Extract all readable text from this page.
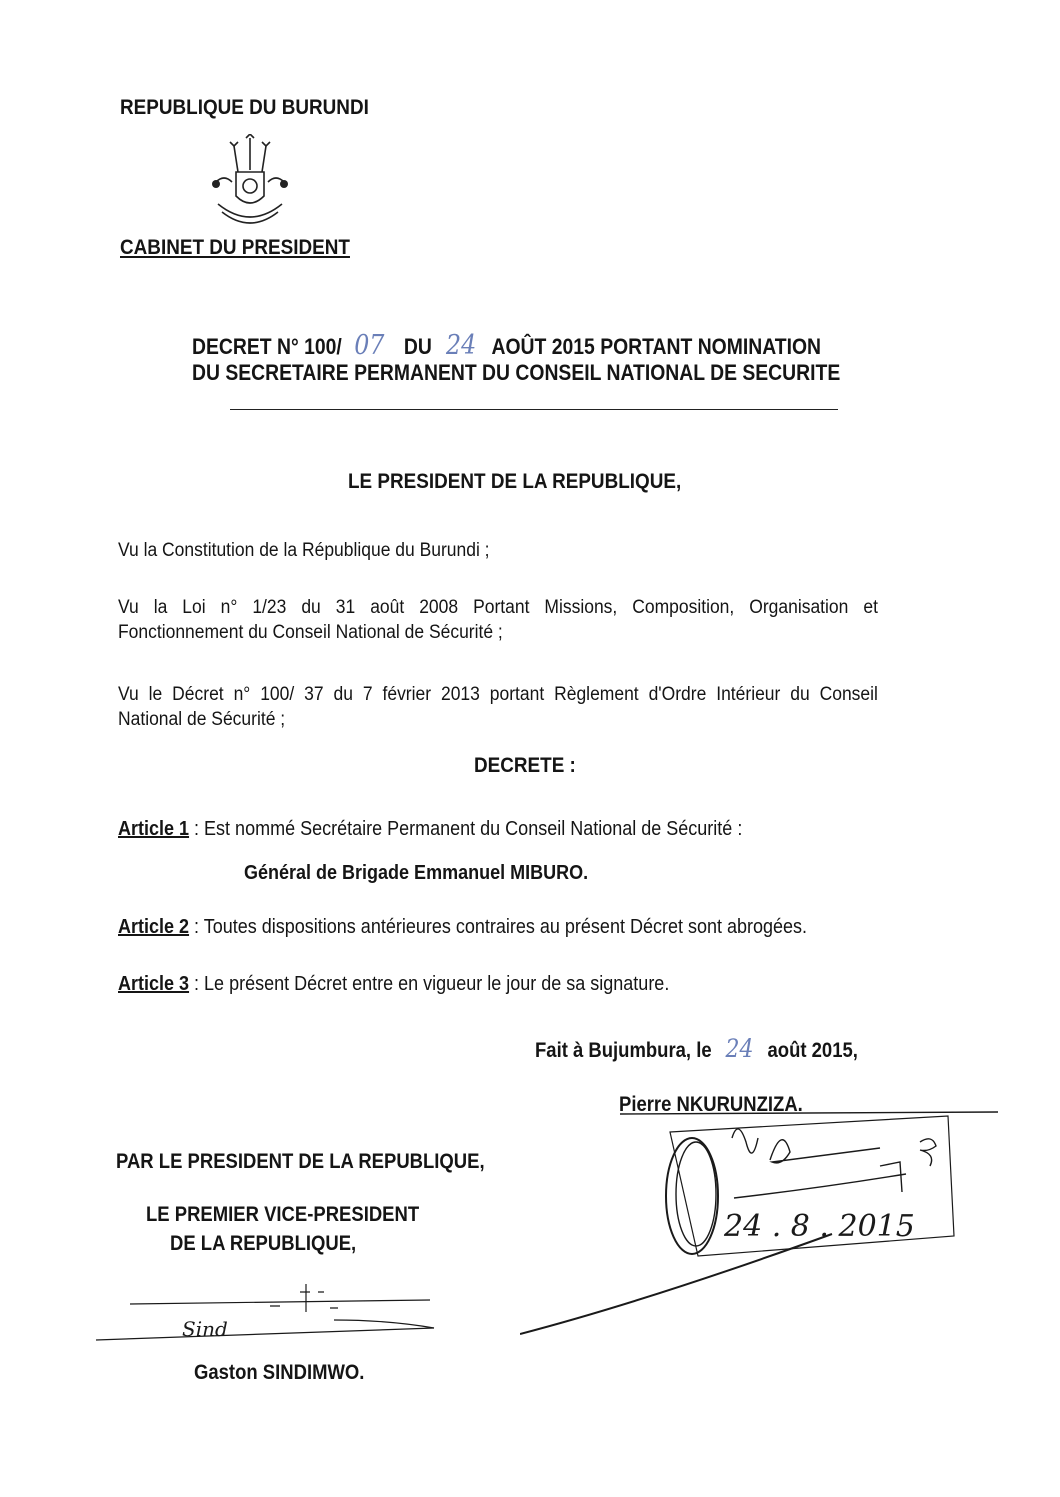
REPUBLIQUE DU BURUNDI
CABINET DU PRESIDENT
DECRET N° 100/ 07 DU 24 AOÛT 2015 PORTANT NOMINATION
DU SECRETAIRE PERMANENT DU CONSEIL NATIONAL DE SECURITE
LE PRESIDENT DE LA REPUBLIQUE,
Vu la Constitution de la République du Burundi ;
Vu la Loi n° 1/23 du 31 août 2008 Portant Missions, Composition, Organisation et
Fonctionnement du Conseil National de Sécurité ;
Vu le Décret n° 100/ 37 du 7 février 2013 portant Règlement d'Ordre Intérieur du Conseil
National de Sécurité ;
DECRETE :
Article 1 : Est nommé Secrétaire Permanent du Conseil National de Sécurité :
Général de Brigade Emmanuel MIBURO.
Article 2 : Toutes dispositions antérieures contraires au présent Décret sont abrogées.
Article 3 : Le présent Décret entre en vigueur le jour de sa signature.
Fait à Bujumbura, le 24 août 2015,
Pierre NKURUNZIZA.
24 . 8 . 2015
PAR LE PRESIDENT DE LA REPUBLIQUE,
LE PREMIER VICE-PRESIDENT
DE LA REPUBLIQUE,
Sind
Gaston SINDIMWO.
